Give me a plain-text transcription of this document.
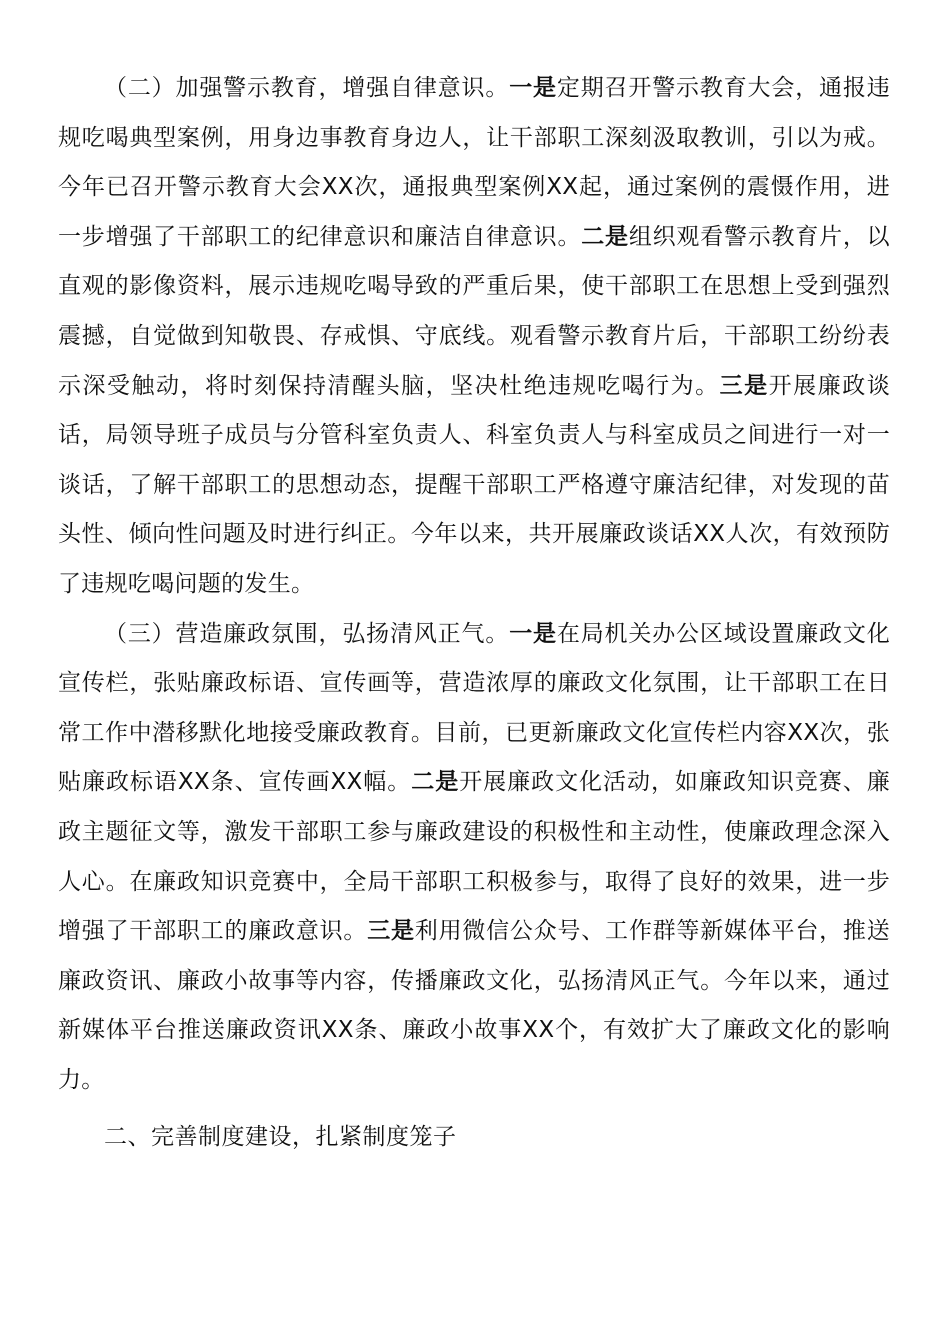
（二）加强警示教育，增强自律意识。一是定期召开警示教育大会，通报违规吃喝典型案例，用身边事教育身边人，让干部职工深刻汲取教训，引以为戒。今年已召开警示教育大会XX次，通报典型案例XX起，通过案例的震慑作用，进一步增强了干部职工的纪律意识和廉洁自律意识。二是组织观看警示教育片，以直观的影像资料，展示违规吃喝导致的严重后果，使干部职工在思想上受到强烈震撼，自觉做到知敬畏、存戒惧、守底线。观看警示教育片后，干部职工纷纷表示深受触动，将时刻保持清醒头脑，坚决杜绝违规吃喝行为。三是开展廉政谈话，局领导班子成员与分管科室负责人、科室负责人与科室成员之间进行一对一谈话，了解干部职工的思想动态，提醒干部职工严格遵守廉洁纪律，对发现的苗头性、倾向性问题及时进行纠正。今年以来，共开展廉政谈话XX人次，有效预防了违规吃喝问题的发生。

（三）营造廉政氛围，弘扬清风正气。一是在局机关办公区域设置廉政文化宣传栏，张贴廉政标语、宣传画等，营造浓厚的廉政文化氛围，让干部职工在日常工作中潜移默化地接受廉政教育。目前，已更新廉政文化宣传栏内容XX次，张贴廉政标语XX条、宣传画XX幅。二是开展廉政文化活动，如廉政知识竞赛、廉政主题征文等，激发干部职工参与廉政建设的积极性和主动性，使廉政理念深入人心。在廉政知识竞赛中，全局干部职工积极参与，取得了良好的效果，进一步增强了干部职工的廉政意识。三是利用微信公众号、工作群等新媒体平台，推送廉政资讯、廉政小故事等内容，传播廉政文化，弘扬清风正气。今年以来，通过新媒体平台推送廉政资讯XX条、廉政小故事XX个，有效扩大了廉政文化的影响力。

二、完善制度建设，扎紧制度笼子
